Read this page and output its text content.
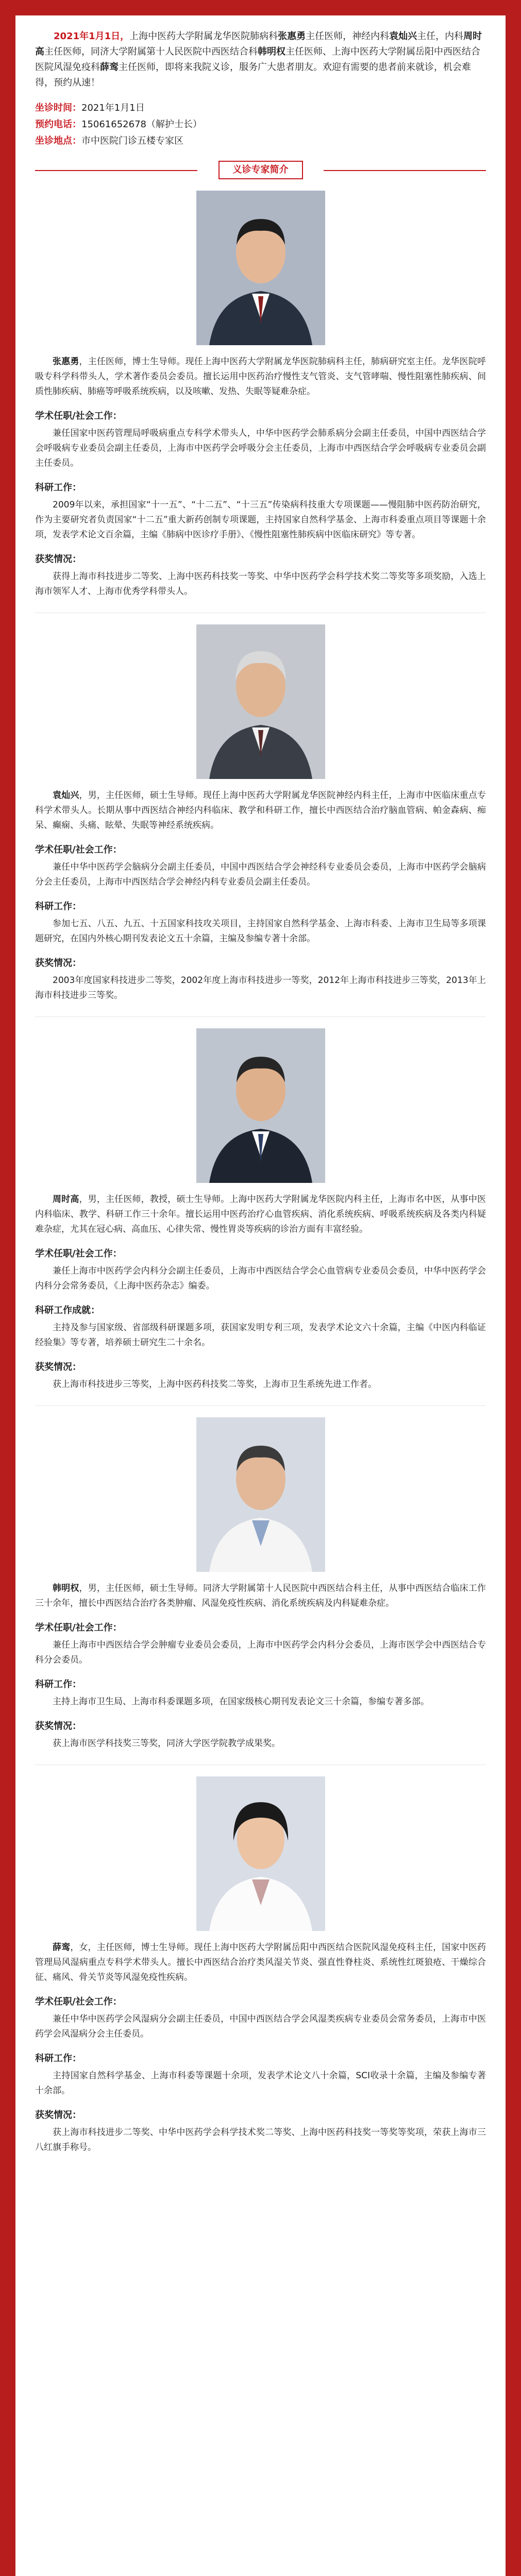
2021年1月1日，上海中医药大学附属龙华医院肺病科张惠勇主任医师，神经内科袁灿兴主任，内科周时高主任医师，同济大学附属第十人民医院中西医结合科韩明权主任医师、上海中医药大学附属岳阳中西医结合医院风湿免疫科薛鸾主任医师，即将来我院义诊，服务广大患者朋友。欢迎有需要的患者前来就诊，机会难得，预约从速！

坐诊时间：2021年1月1日
预约电话：15061652678（解护士长）
坐诊地点：市中医院门诊五楼专家区
义诊专家简介

张惠勇，主任医师，博士生导师。现任上海中医药大学附属龙华医院肺病科主任，肺病研究室主任。龙华医院呼吸专科学科带头人，学术著作委员会委员。擅长运用中医药治疗慢性支气管炎、支气管哮喘、慢性阻塞性肺疾病、间质性肺疾病、肺癌等呼吸系统疾病，以及咳嗽、发热、失眠等疑难杂症。

学术任职/社会工作：

兼任国家中医药管理局呼吸病重点专科学术带头人，中华中医药学会肺系病分会副主任委员，中国中西医结合学会呼吸病专业委员会副主任委员，上海市中医药学会呼吸分会主任委员，上海市中西医结合学会呼吸病专业委员会副主任委员。

科研工作：

2009年以来，承担国家“十一五”、“十二五”、“十三五”传染病科技重大专项课题——慢阻肺中医药防治研究，作为主要研究者负责国家“十二五”重大新药创制专项课题，主持国家自然科学基金、上海市科委重点项目等课题十余项，发表学术论文百余篇，主编《肺病中医诊疗手册》、《慢性阻塞性肺疾病中医临床研究》等专著。

获奖情况：

获得上海市科技进步二等奖、上海中医药科技奖一等奖、中华中医药学会科学技术奖二等奖等多项奖励，入选上海市领军人才、上海市优秀学科带头人。

袁灿兴，男，主任医师，硕士生导师。现任上海中医药大学附属龙华医院神经内科主任，上海市中医临床重点专科学术带头人。长期从事中西医结合神经内科临床、教学和科研工作，擅长中西医结合治疗脑血管病、帕金森病、痴呆、癫痫、头痛、眩晕、失眠等神经系统疾病。

学术任职/社会工作：

兼任中华中医药学会脑病分会副主任委员，中国中西医结合学会神经科专业委员会委员，上海市中医药学会脑病分会主任委员，上海市中西医结合学会神经内科专业委员会副主任委员。

科研工作：

参加七五、八五、九五、十五国家科技攻关项目，主持国家自然科学基金、上海市科委、上海市卫生局等多项课题研究，在国内外核心期刊发表论文五十余篇，主编及参编专著十余部。

获奖情况：

2003年度国家科技进步二等奖，2002年度上海市科技进步一等奖，2012年上海市科技进步三等奖，2013年上海市科技进步三等奖。

周时高，男，主任医师，教授，硕士生导师。上海中医药大学附属龙华医院内科主任，上海市名中医，从事中医内科临床、教学、科研工作三十余年。擅长运用中医药治疗心血管疾病、消化系统疾病、呼吸系统疾病及各类内科疑难杂症，尤其在冠心病、高血压、心律失常、慢性胃炎等疾病的诊治方面有丰富经验。

学术任职/社会工作：

兼任上海市中医药学会内科分会副主任委员，上海市中西医结合学会心血管病专业委员会委员，中华中医药学会内科分会常务委员，《上海中医药杂志》编委。

科研工作成就：

主持及参与国家级、省部级科研课题多项，获国家发明专利三项，发表学术论文六十余篇，主编《中医内科临证经验集》等专著，培养硕士研究生二十余名。

获奖情况：

获上海市科技进步三等奖，上海中医药科技奖二等奖，上海市卫生系统先进工作者。

韩明权，男，主任医师，硕士生导师。同济大学附属第十人民医院中西医结合科主任，从事中西医结合临床工作三十余年，擅长中西医结合治疗各类肿瘤、风湿免疫性疾病、消化系统疾病及内科疑难杂症。

学术任职/社会工作：

兼任上海市中西医结合学会肿瘤专业委员会委员，上海市中医药学会内科分会委员，上海市医学会中西医结合专科分会委员。

科研工作：

主持上海市卫生局、上海市科委课题多项，在国家级核心期刊发表论文三十余篇，参编专著多部。

获奖情况：

获上海市医学科技奖三等奖，同济大学医学院教学成果奖。

薛鸾，女，主任医师，博士生导师。现任上海中医药大学附属岳阳中西医结合医院风湿免疫科主任，国家中医药管理局风湿病重点专科学术带头人。擅长中西医结合治疗类风湿关节炎、强直性脊柱炎、系统性红斑狼疮、干燥综合征、痛风、骨关节炎等风湿免疫性疾病。

学术任职/社会工作：

兼任中华中医药学会风湿病分会副主任委员，中国中西医结合学会风湿类疾病专业委员会常务委员，上海市中医药学会风湿病分会主任委员。

科研工作：

主持国家自然科学基金、上海市科委等课题十余项，发表学术论文八十余篇，SCI收录十余篇，主编及参编专著十余部。

获奖情况：

获上海市科技进步二等奖、中华中医药学会科学技术奖二等奖、上海中医药科技奖一等奖等奖项，荣获上海市三八红旗手称号。
